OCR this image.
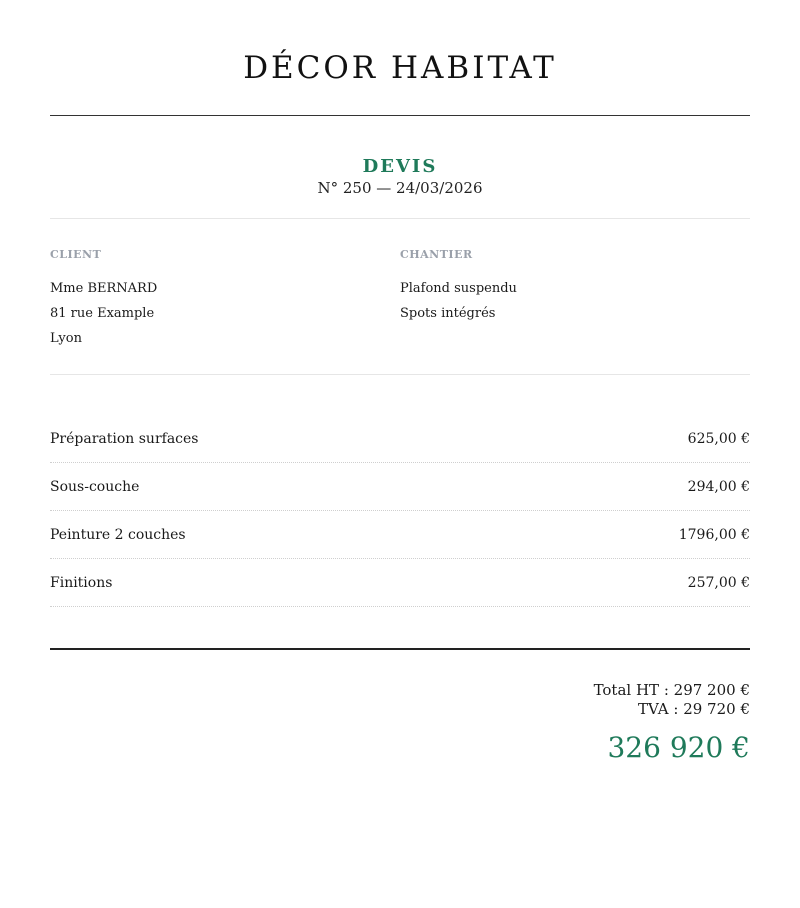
DÉCOR HABITAT
DEVIS
N° 250 — 24/03/2026
CLIENT
Mme BERNARD
81 rue Example
Lyon
CHANTIER
Plafond suspendu
Spots intégrés
Préparation surfaces	625,00 €
Sous-couche	294,00 €
Peinture 2 couches	1796,00 €
Finitions	257,00 €
Total HT : 297 200 €
TVA : 29 720 €
326 920 €
